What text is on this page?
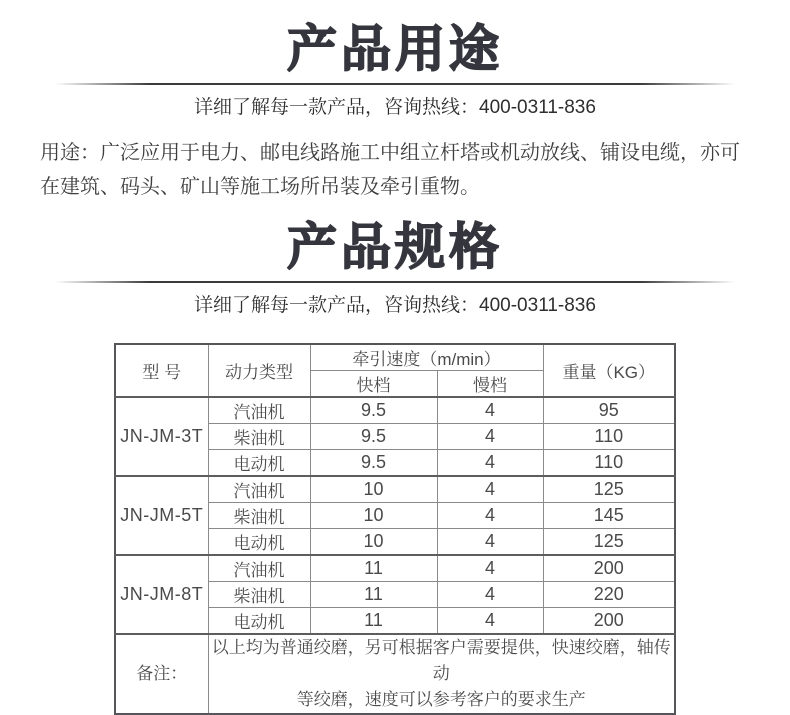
产品用途
详细了解每一款产品，咨询热线：400-0311-836

用途：广泛应用于电力、邮电线路施工中组立杆塔或机动放线、铺设电缆，亦可在建筑、码头、矿山等施工场所吊装及牵引重物。

产品规格
详细了解每一款产品，咨询热线：400-0311-836
型 号	动力类型	牵引速度（m/min）		重量（KG）
		快档	慢档	
JN-JM-3T	汽油机	9.5	4	95
	柴油机	9.5	4	110
	电动机	9.5	4	110
JN-JM-5T	汽油机	10	4	125
	柴油机	10	4	145
	电动机	10	4	125
JN-JM-8T	汽油机	11	4	200
	柴油机	11	4	220
	电动机	11	4	200
备注：	以上均为普通绞磨，另可根据客户需要提供，快速绞磨，轴传动
等绞磨，速度可以参考客户的要求生产			
